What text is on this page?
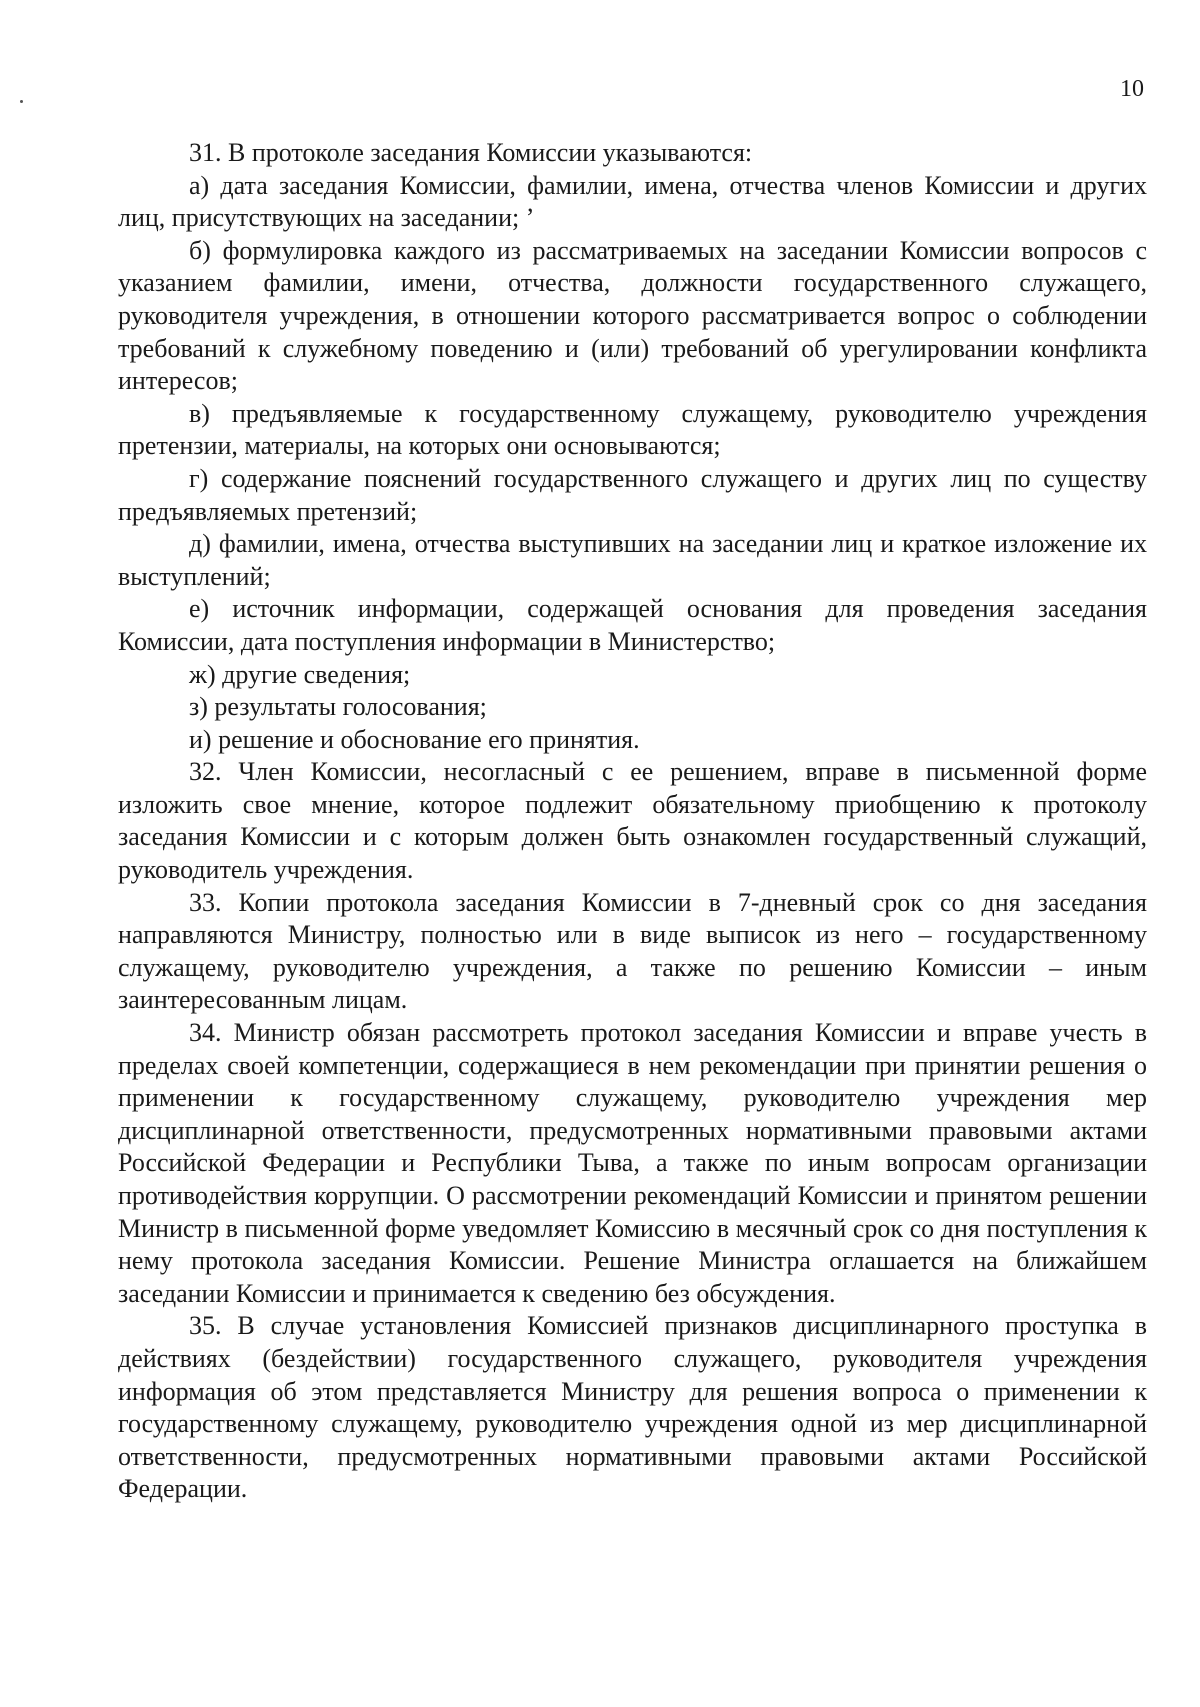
10

31. В протоколе заседания Комиссии указываются:

а) дата заседания Комиссии, фамилии, имена, отчества членов Комиссии и других лиц, присутствующих на заседании; ’

б) формулировка каждого из рассматриваемых на заседании Комиссии вопросов с указанием фамилии, имени, отчества, должности государственного служащего, руководителя учреждения, в отношении которого рассматривается вопрос о соблюдении требований к служебному поведению и (или) требований об урегулировании конфликта интересов;

в) предъявляемые к государственному служащему, руководителю учреждения претензии, материалы, на которых они основываются;

г) содержание пояснений государственного служащего и других лиц по существу предъявляемых претензий;

д) фамилии, имена, отчества выступивших на заседании лиц и краткое изложение их выступлений;

е) источник информации, содержащей основания для проведения заседания Комиссии, дата поступления информации в Министерство;

ж) другие сведения;

з) результаты голосования;

и) решение и обоснование его принятия.

32. Член Комиссии, несогласный с ее решением, вправе в письменной форме изложить свое мнение, которое подлежит обязательному приобщению к протоколу заседания Комиссии и с которым должен быть ознакомлен государственный служащий, руководитель учреждения.

33. Копии протокола заседания Комиссии в 7-дневный срок со дня заседания направляются Министру, полностью или в виде выписок из него – государственному служащему, руководителю учреждения, а также по решению Комиссии – иным заинтересованным лицам.

34. Министр обязан рассмотреть протокол заседания Комиссии и вправе учесть в пределах своей компетенции, содержащиеся в нем рекомендации при принятии решения о применении к государственному служащему, руководителю учреждения мер дисциплинарной ответственности, предусмотренных нормативными правовыми актами Российской Федерации и Республики Тыва, а также по иным вопросам организации противодействия коррупции. О рассмотрении рекомендаций Комиссии и принятом решении Министр в письменной форме уведомляет Комиссию в месячный срок со дня поступления к нему протокола заседания Комиссии. Решение Министра оглашается на ближайшем заседании Комиссии и принимается к сведению без обсуждения.

35. В случае установления Комиссией признаков дисциплинарного проступка в действиях (бездействии) государственного служащего, руководителя учреждения информация об этом представляется Министру для решения вопроса о применении к государственному служащему, руководителю учреждения одной из мер дисциплинарной ответственности, предусмотренных нормативными правовыми актами Российской Федерации.
